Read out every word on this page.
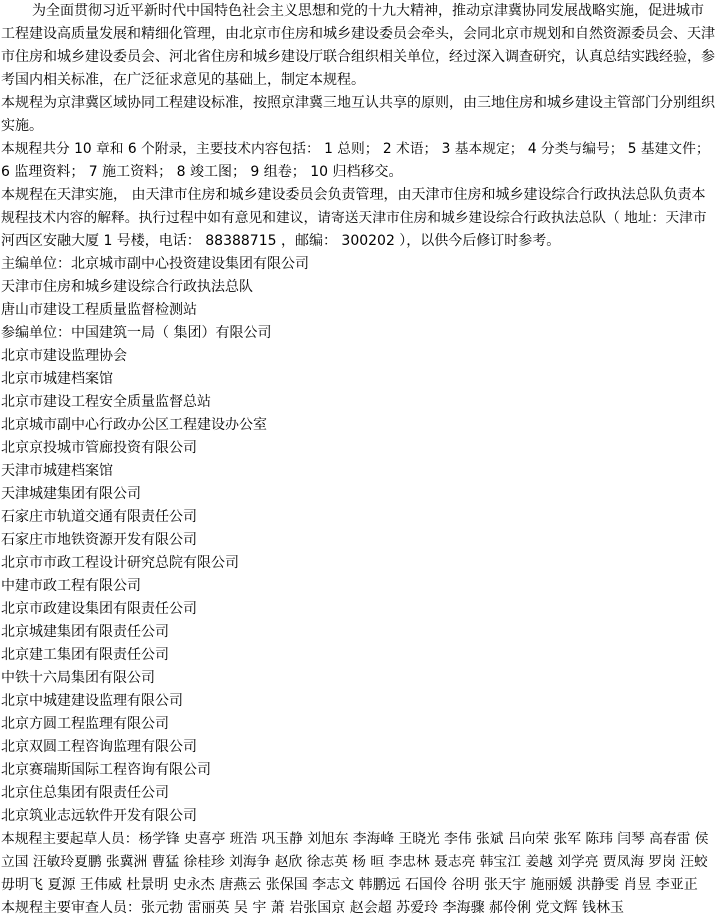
为全面贯彻习近平新时代中国特色社会主义思想和党的十九大精神，推动京津冀协同发展战略实施，促进城市
工程建设高质量发展和精细化管理，由北京市住房和城乡建设委员会牵头，会同北京市规划和自然资源委员会、天津
市住房和城乡建设委员会、河北省住房和城乡建设厅联合组织相关单位，经过深入调查研究，认真总结实践经验，参
考国内相关标准，在广泛征求意见的基础上，制定本规程。
本规程为京津冀区域协同工程建设标准，按照京津冀三地互认共享的原则，由三地住房和城乡建设主管部门分别组织
实施。
本规程共分 10 章和 6 个附录，主要技术内容包括： 1 总则； 2 术语； 3 基本规定； 4 分类与编号； 5 基建文件；
6 监理资料； 7 施工资料； 8 竣工图； 9 组卷； 10 归档移交。
本规程在天津实施， 由天津市住房和城乡建设委员会负责管理，由天津市住房和城乡建设综合行政执法总队负责本
规程技术内容的解释。执行过程中如有意见和建议，请寄送天津市住房和城乡建设综合行政执法总队（ 地址：天津市
河西区安融大厦 1 号楼，电话： 88388715 ，邮编： 300202 ），以供今后修订时参考。
主编单位：北京城市副中心投资建设集团有限公司
天津市住房和城乡建设综合行政执法总队
唐山市建设工程质量监督检测站
参编单位：中国建筑一局（ 集团）有限公司
北京市建设监理协会
北京市城建档案馆
北京市建设工程安全质量监督总站
北京城市副中心行政办公区工程建设办公室
北京京投城市管廊投资有限公司
天津市城建档案馆
天津城建集团有限公司
石家庄市轨道交通有限责任公司
石家庄市地铁资源开发有限公司
北京市市政工程设计研究总院有限公司
中建市政工程有限公司
北京市政建设集团有限责任公司
北京城建集团有限责任公司
北京建工集团有限责任公司
中铁十六局集团有限公司
北京中城建建设监理有限公司
北京方圆工程监理有限公司
北京双圆工程咨询监理有限公司
北京赛瑞斯国际工程咨询有限公司
北京住总集团有限责任公司
北京筑业志远软件开发有限公司
本规程主要起草人员：杨学锋 史喜亭 班浩 巩玉静 刘旭东 李海峰 王晓光 李伟 张斌 吕向荣 张军 陈玮 闫琴 高春雷 侯
立国 汪敏玲夏鹏 张冀洲 曹猛 徐桂珍 刘海争 赵欣 徐志英 杨 晅 李忠林 聂志亮 韩宝江 姜越 刘学亮 贾凤海 罗岗 汪蛟
毋明飞 夏源 王伟威 杜景明 史永杰 唐燕云 张保国 李志文 韩鹏远 石国伶 谷明 张天宇 施丽媛 洪静雯 肖昱 李亚正
本规程主要审查人员：张元勃 雷丽英 吴 宇 萧 岩张国京 赵会超 苏爱玲 李海骤 郝伶俐 党文辉 钱林玉
